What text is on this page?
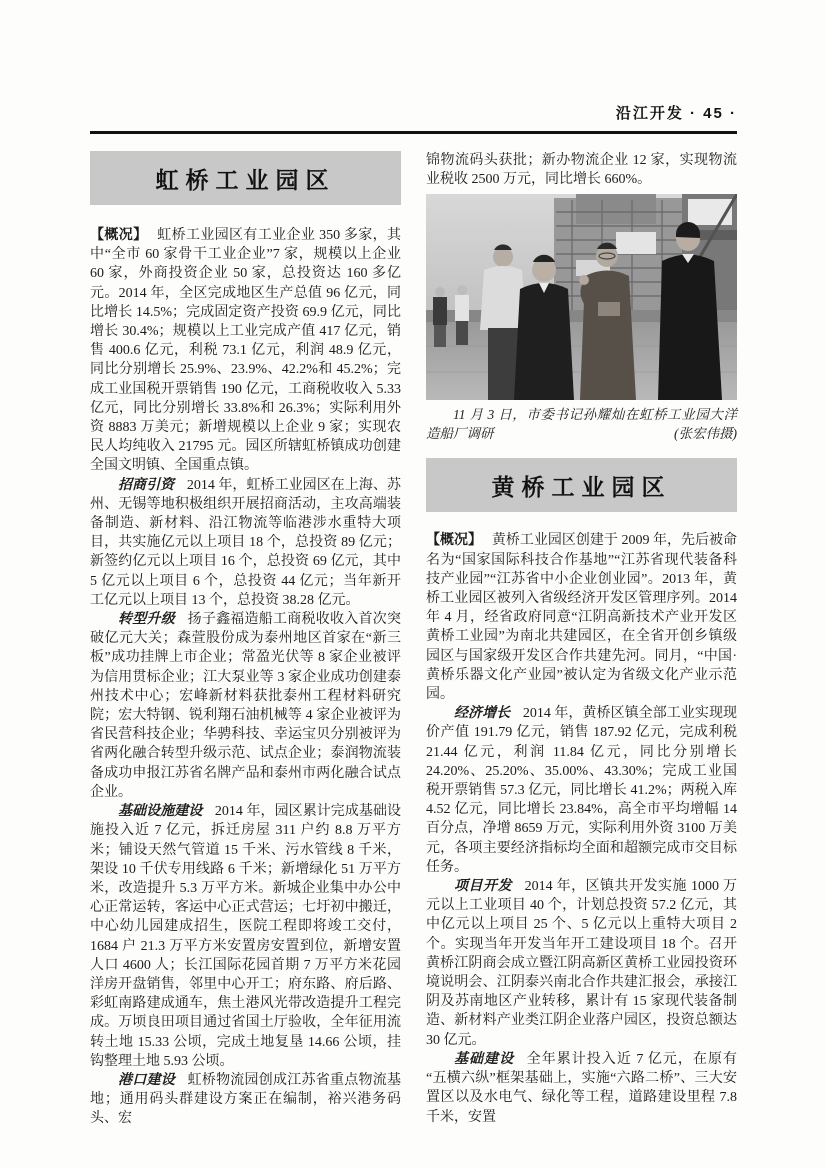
沿江开发 · 45 ·
虹桥工业园区

【概况】 虹桥工业园区有工业企业 350 多家，其中“全市 60 家骨干工业企业”7 家，规模以上企业 60 家，外商投资企业 50 家，总投资达 160 多亿元。2014 年，全区完成地区生产总值 96 亿元，同比增长 14.5%；完成固定资产投资 69.9 亿元，同比增长 30.4%；规模以上工业完成产值 417 亿元，销售 400.6 亿元，利税 73.1 亿元，利润 48.9 亿元，同比分别增长 25.9%、23.9%、42.2%和 45.2%；完成工业国税开票销售 190 亿元，工商税收收入 5.33 亿元，同比分别增长 33.8%和 26.3%；实际利用外资 8883 万美元；新增规模以上企业 9 家；实现农民人均纯收入 21795 元。园区所辖虹桥镇成功创建全国文明镇、全国重点镇。

招商引资 2014 年，虹桥工业园区在上海、苏州、无锡等地积极组织开展招商活动，主攻高端装备制造、新材料、沿江物流等临港涉水重特大项目，共实施亿元以上项目 18 个，总投资 89 亿元；新签约亿元以上项目 16 个，总投资 69 亿元，其中 5 亿元以上项目 6 个，总投资 44 亿元；当年新开工亿元以上项目 13 个，总投资 38.28 亿元。

转型升级 扬子鑫福造船工商税收收入首次突破亿元大关；森萱股份成为泰州地区首家在“新三板”成功挂牌上市企业；常盈光伏等 8 家企业被评为信用贯标企业；江大泵业等 3 家企业成功创建泰州技术中心；宏峰新材料获批泰州工程材料研究院；宏大特钢、锐利翔石油机械等 4 家企业被评为省民营科技企业；华骋科技、幸运宝贝分别被评为省两化融合转型升级示范、试点企业；泰润物流装备成功申报江苏省名牌产品和泰州市两化融合试点企业。

基础设施建设 2014 年，园区累计完成基础设施投入近 7 亿元，拆迁房屋 311 户约 8.8 万平方米；铺设天然气管道 15 千米、污水管线 8 千米，架设 10 千伏专用线路 6 千米；新增绿化 51 万平方米，改造提升 5.3 万平方米。新城企业集中办公中心正常运转，客运中心正式营运；七圩初中搬迁，中心幼儿园建成招生，医院工程即将竣工交付，1684 户 21.3 万平方米安置房安置到位，新增安置人口 4600 人；长江国际花园首期 7 万平方米花园洋房开盘销售，邻里中心开工；府东路、府后路、彩虹南路建成通车，焦土港风光带改造提升工程完成。万顷良田项目通过省国土厅验收，全年征用流转土地 15.33 公顷，完成土地复垦 14.66 公顷，挂钩整理土地 5.93 公顷。

港口建设 虹桥物流园创成江苏省重点物流基地；通用码头群建设方案正在编制，裕兴港务码头、宏

锦物流码头获批；新办物流企业 12 家，实现物流业税收 2500 万元，同比增长 660%。

11 月 3 日，市委书记孙耀灿在虹桥工业园大洋造船厂调研	(张宏伟摄)
黄桥工业园区

【概况】 黄桥工业园区创建于 2009 年，先后被命名为“国家国际科技合作基地”“江苏省现代装备科技产业园”“江苏省中小企业创业园”。2013 年，黄桥工业园区被列入省级经济开发区管理序列。2014 年 4 月，经省政府同意“江阴高新技术产业开发区黄桥工业园”为南北共建园区，在全省开创乡镇级园区与国家级开发区合作共建先河。同月，“中国·黄桥乐器文化产业园”被认定为省级文化产业示范园。

经济增长 2014 年，黄桥区镇全部工业实现现价产值 191.79 亿元，销售 187.92 亿元，完成利税 21.44 亿元，利润 11.84 亿元，同比分别增长 24.20%、25.20%、35.00%、43.30%；完成工业国税开票销售 57.3 亿元，同比增长 41.2%；两税入库 4.52 亿元，同比增长 23.84%，高全市平均增幅 14 百分点，净增 8659 万元，实际利用外资 3100 万美元，各项主要经济指标均全面和超额完成市交目标任务。

项目开发 2014 年，区镇共开发实施 1000 万元以上工业项目 40 个，计划总投资 57.2 亿元，其中亿元以上项目 25 个、5 亿元以上重特大项目 2 个。实现当年开发当年开工建设项目 18 个。召开黄桥江阴商会成立暨江阴高新区黄桥工业园投资环境说明会、江阴泰兴南北合作共建汇报会，承接江阴及苏南地区产业转移，累计有 15 家现代装备制造、新材料产业类江阴企业落户园区，投资总额达 30 亿元。

基础建设 全年累计投入近 7 亿元，在原有“五横六纵”框架基础上，实施“六路二桥”、三大安置区以及水电气、绿化等工程，道路建设里程 7.8 千米，安置
